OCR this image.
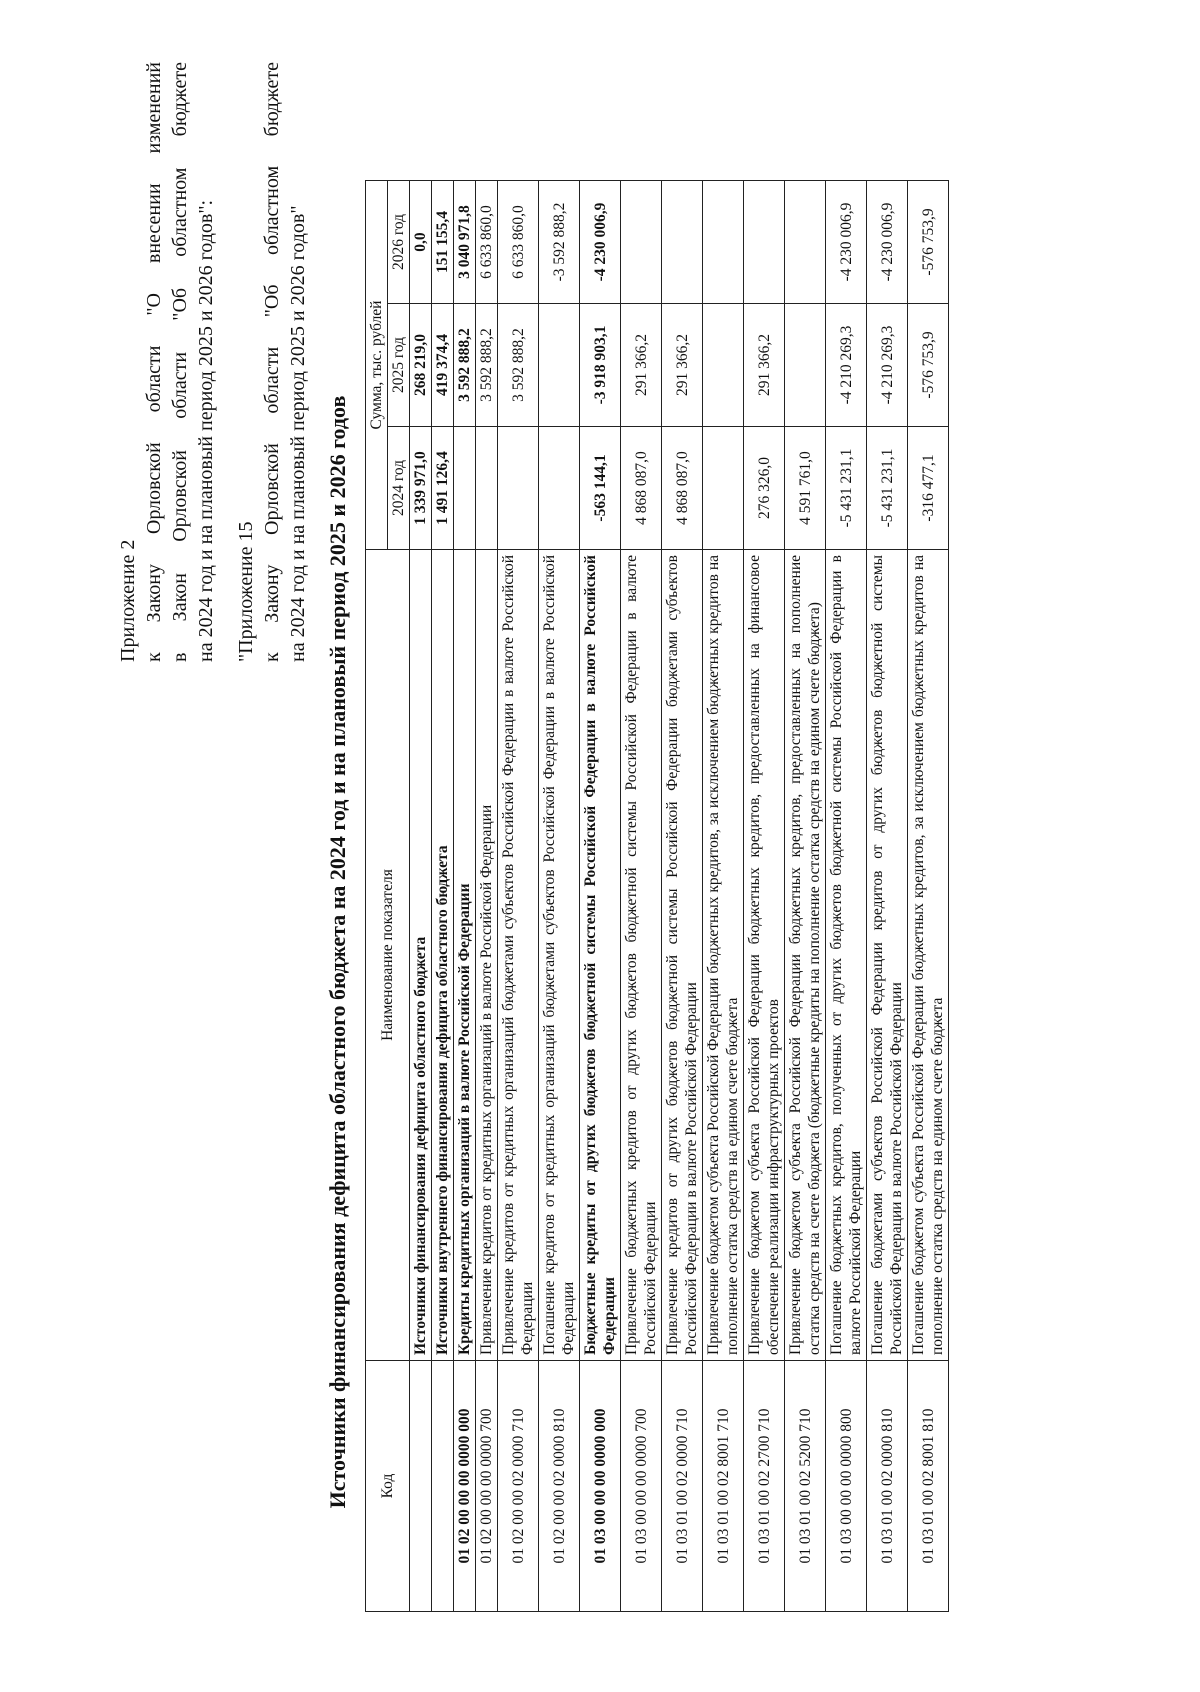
Приложение 2 к Закону Орловской области "О внесении изменений в Закон Орловской области "Об областном бюджете на 2024 год и на плановый период 2025 и 2026 годов": "Приложение 15 к Закону Орловской области "Об областном бюджете на 2024 год и на плановый период 2025 и 2026 годов" Источники финансирования дефицита областного бюджета на 2024 год и на плановый период 2025 и 2026 годов Код	Наименование показателя	Сумма, тыс. рублей		
		2024 год	2025 год	2026 год
	Источники финансирования дефицита областного бюджета	1 339 971,0	268 219,0	0,0
	Источники внутреннего финансирования дефицита областного бюджета	1 491 126,4	419 374,4	151 155,4
01 02 00 00 00 0000 000	Кредиты кредитных организаций в валюте Российской Федерации		3 592 888,2	3 040 971,8
01 02 00 00 00 0000 700	Привлечение кредитов от кредитных организаций в валюте Российской Федерации		3 592 888,2	6 633 860,0
01 02 00 00 02 0000 710	Привлечение кредитов от кредитных организаций бюджетами субъектов Российской Федерации в валюте Российской Федерации		3 592 888,2	6 633 860,0
01 02 00 00 02 0000 810	Погашение кредитов от кредитных организаций бюджетами субъектов Российской Федерации в валюте Российской Федерации			-3 592 888,2
01 03 00 00 00 0000 000	Бюджетные кредиты от других бюджетов бюджетной системы Российской Федерации в валюте Российской Федерации	-563 144,1	-3 918 903,1	-4 230 006,9
01 03 00 00 00 0000 700	Привлечение бюджетных кредитов от других бюджетов бюджетной системы Российской Федерации в валюте Российской Федерации	4 868 087,0	291 366,2	
01 03 01 00 02 0000 710	Привлечение кредитов от других бюджетов бюджетной системы Российской Федерации бюджетами субъектов Российской Федерации в валюте Российской Федерации	4 868 087,0	291 366,2	
01 03 01 00 02 8001 710	Привлечение бюджетом субъекта Российской Федерации бюджетных кредитов, за исключением бюджетных кредитов на пополнение остатка средств на едином счете бюджета			
01 03 01 00 02 2700 710	Привлечение бюджетом субъекта Российской Федерации бюджетных кредитов, предоставленных на финансовое обеспечение реализации инфраструктурных проектов	276 326,0	291 366,2	
01 03 01 00 02 5200 710	Привлечение бюджетом субъекта Российской Федерации бюджетных кредитов, предоставленных на пополнение остатка средств на счете бюджета (бюджетные кредиты на пополнение остатка средств на едином счете бюджета)	4 591 761,0		
01 03 00 00 00 0000 800	Погашение бюджетных кредитов, полученных от других бюджетов бюджетной системы Российской Федерации в валюте Российской Федерации	-5 431 231,1	-4 210 269,3	-4 230 006,9
01 03 01 00 02 0000 810	Погашение бюджетами субъектов Российской Федерации кредитов от других бюджетов бюджетной системы Российской Федерации в валюте Российской Федерации	-5 431 231,1	-4 210 269,3	-4 230 006,9
01 03 01 00 02 8001 810	Погашение бюджетом субъекта Российской Федерации бюджетных кредитов, за исключением бюджетных кредитов на пополнение остатка средств на едином счете бюджета	-316 477,1	-576 753,9	-576 753,9
